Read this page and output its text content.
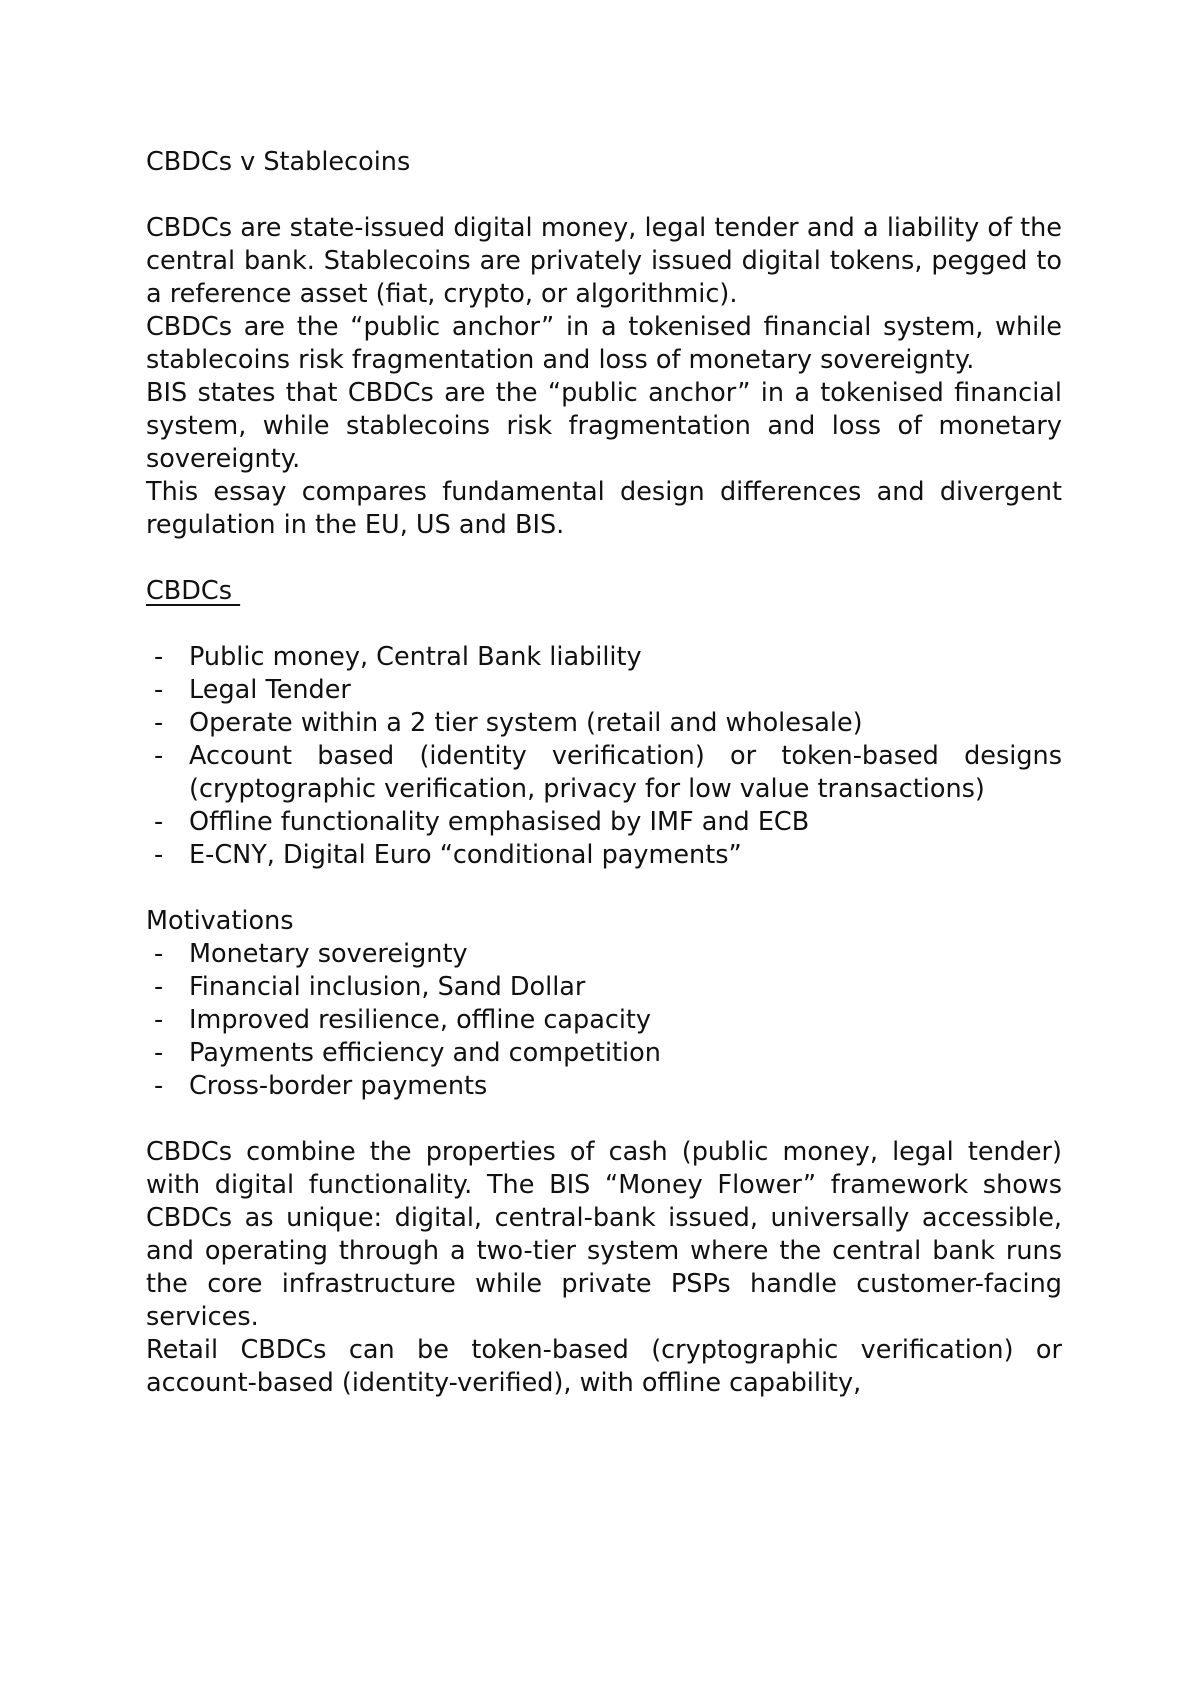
CBDCs v Stablecoins

CBDCs are state-issued digital money, legal tender and a liability of the central bank. Stablecoins are privately issued digital tokens, pegged to a reference asset (fiat, crypto, or algorithmic).

CBDCs are the “public anchor” in a tokenised financial system, while stablecoins risk fragmentation and loss of monetary sovereignty.

BIS states that CBDCs are the “public anchor” in a tokenised financial system, while stablecoins risk fragmentation and loss of monetary sovereignty.

This essay compares fundamental design differences and divergent regulation in the EU, US and BIS.

CBDCs

- Public money, Central Bank liability
- Legal Tender
- Operate within a 2 tier system (retail and wholesale)
- Account based (identity verification) or token-based designs (cryptographic verification, privacy for low value transactions)
- Offline functionality emphasised by IMF and ECB
- E-CNY, Digital Euro “conditional payments”

Motivations

- Monetary sovereignty
- Financial inclusion, Sand Dollar
- Improved resilience, offline capacity
- Payments efficiency and competition
- Cross-border payments

CBDCs combine the properties of cash (public money, legal tender) with digital functionality. The BIS “Money Flower” framework shows CBDCs as unique: digital, central-bank issued, universally accessible, and operating through a two-tier system where the central bank runs the core infrastructure while private PSPs handle customer-facing services.

Retail CBDCs can be token-based (cryptographic verification) or account-based (identity-verified), with offline capability,
